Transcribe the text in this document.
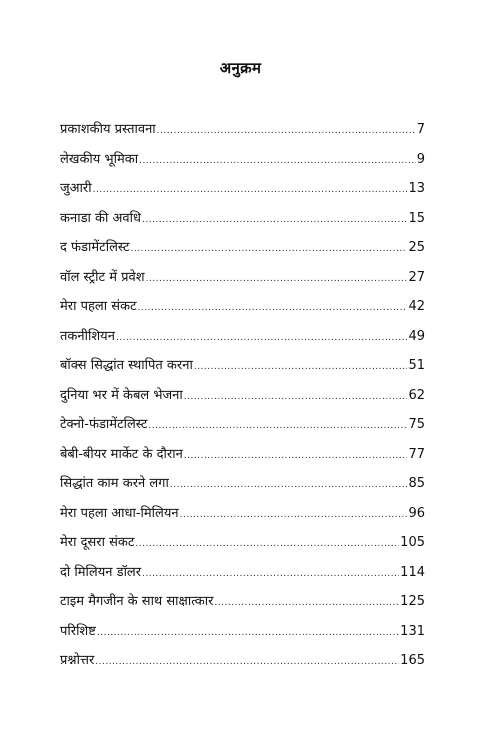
अनुक्रम
प्रकाशकीय प्रस्तावना .....	7
लेखकीय भूमिका .....	9
जुआरी .....	13
कनाडा की अवधि .....	15
द फंडामेंटलिस्ट .....	25
वॉल स्ट्रीट में प्रवेश .....	27
मेरा पहला संकट .....	42
तकनीशियन .....	49
बॉक्स सिद्धांत स्थापित करना .....	51
दुनिया भर में केबल भेजना .....	62
टेक्नो-फंडामेंटलिस्ट .....	75
बेबी-बीयर मार्केट के दौरान .....	77
सिद्धांत काम करने लगा .....	85
मेरा पहला आधा-मिलियन .....	96
मेरा दूसरा संकट .....	105
दो मिलियन डॉलर .....	114
टाइम मैगजीन के साथ साक्षात्कार .....	125
परिशिष्ट .....	131
प्रश्नोत्तर .....	165
